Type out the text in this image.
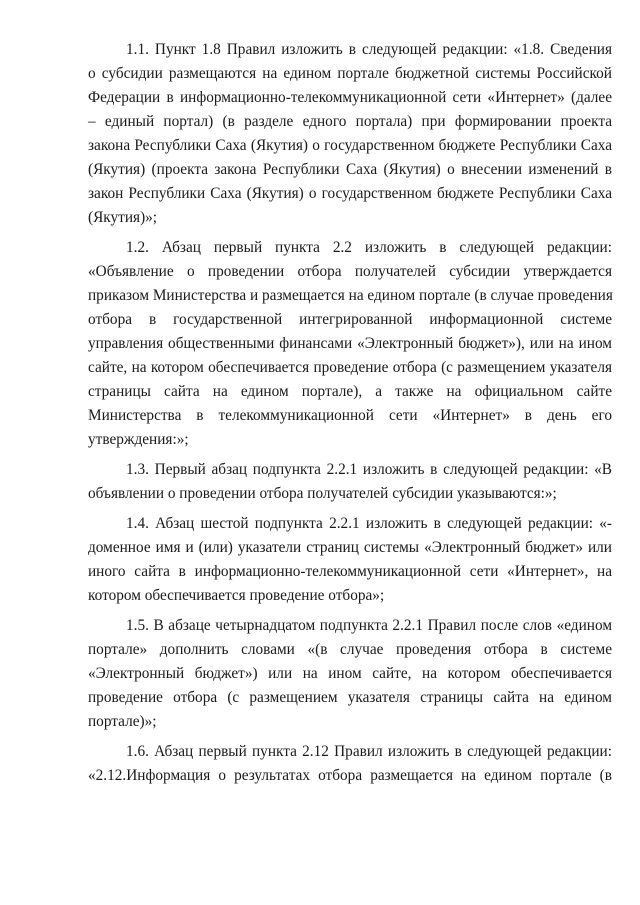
1.1. Пункт 1.8 Правил изложить в следующей редакции: «1.8. Сведения
о субсидии размещаются на едином портале бюджетной системы Российской
Федерации в информационно-телекоммуникационной сети «Интернет» (далее
– единый портал) (в разделе едного портала) при формировании проекта
закона Республики Саха (Якутия) о государственном бюджете Республики Саха
(Якутия) (проекта закона Республики Саха (Якутия) о внесении изменений в
закон Республики Саха (Якутия) о государственном бюджете Республики Саха
(Якутия)»;
1.2. Абзац первый пункта 2.2 изложить в следующей редакции:
«Объявление о проведении отбора получателей субсидии утверждается
приказом Министерства и размещается на едином портале (в случае проведения
отбора в государственной интегрированной информационной системе
управления общественными финансами «Электронный бюджет»), или на ином
сайте, на котором обеспечивается проведение отбора (с размещением указателя
страницы сайта на едином портале), а также на официальном сайте
Министерства в телекоммуникационной сети «Интернет» в день его
утверждения:»;
1.3. Первый абзац подпункта 2.2.1 изложить в следующей редакции: «В
объявлении о проведении отбора получателей субсидии указываются:»;
1.4. Абзац шестой подпункта 2.2.1 изложить в следующей редакции: «-
доменное имя и (или) указатели страниц системы «Электронный бюджет» или
иного сайта в информационно-телекоммуникационной сети «Интернет», на
котором обеспечивается проведение отбора»;
1.5. В абзаце четырнадцатом подпункта 2.2.1 Правил после слов «едином
портале» дополнить словами «(в случае проведения отбора в системе
«Электронный бюджет») или на ином сайте, на котором обеспечивается
проведение отбора (с размещением указателя страницы сайта на едином
портале)»;
1.6. Абзац первый пункта 2.12 Правил изложить в следующей редакции:
«2.12.Информация о результатах отбора размещается на едином портале (в
